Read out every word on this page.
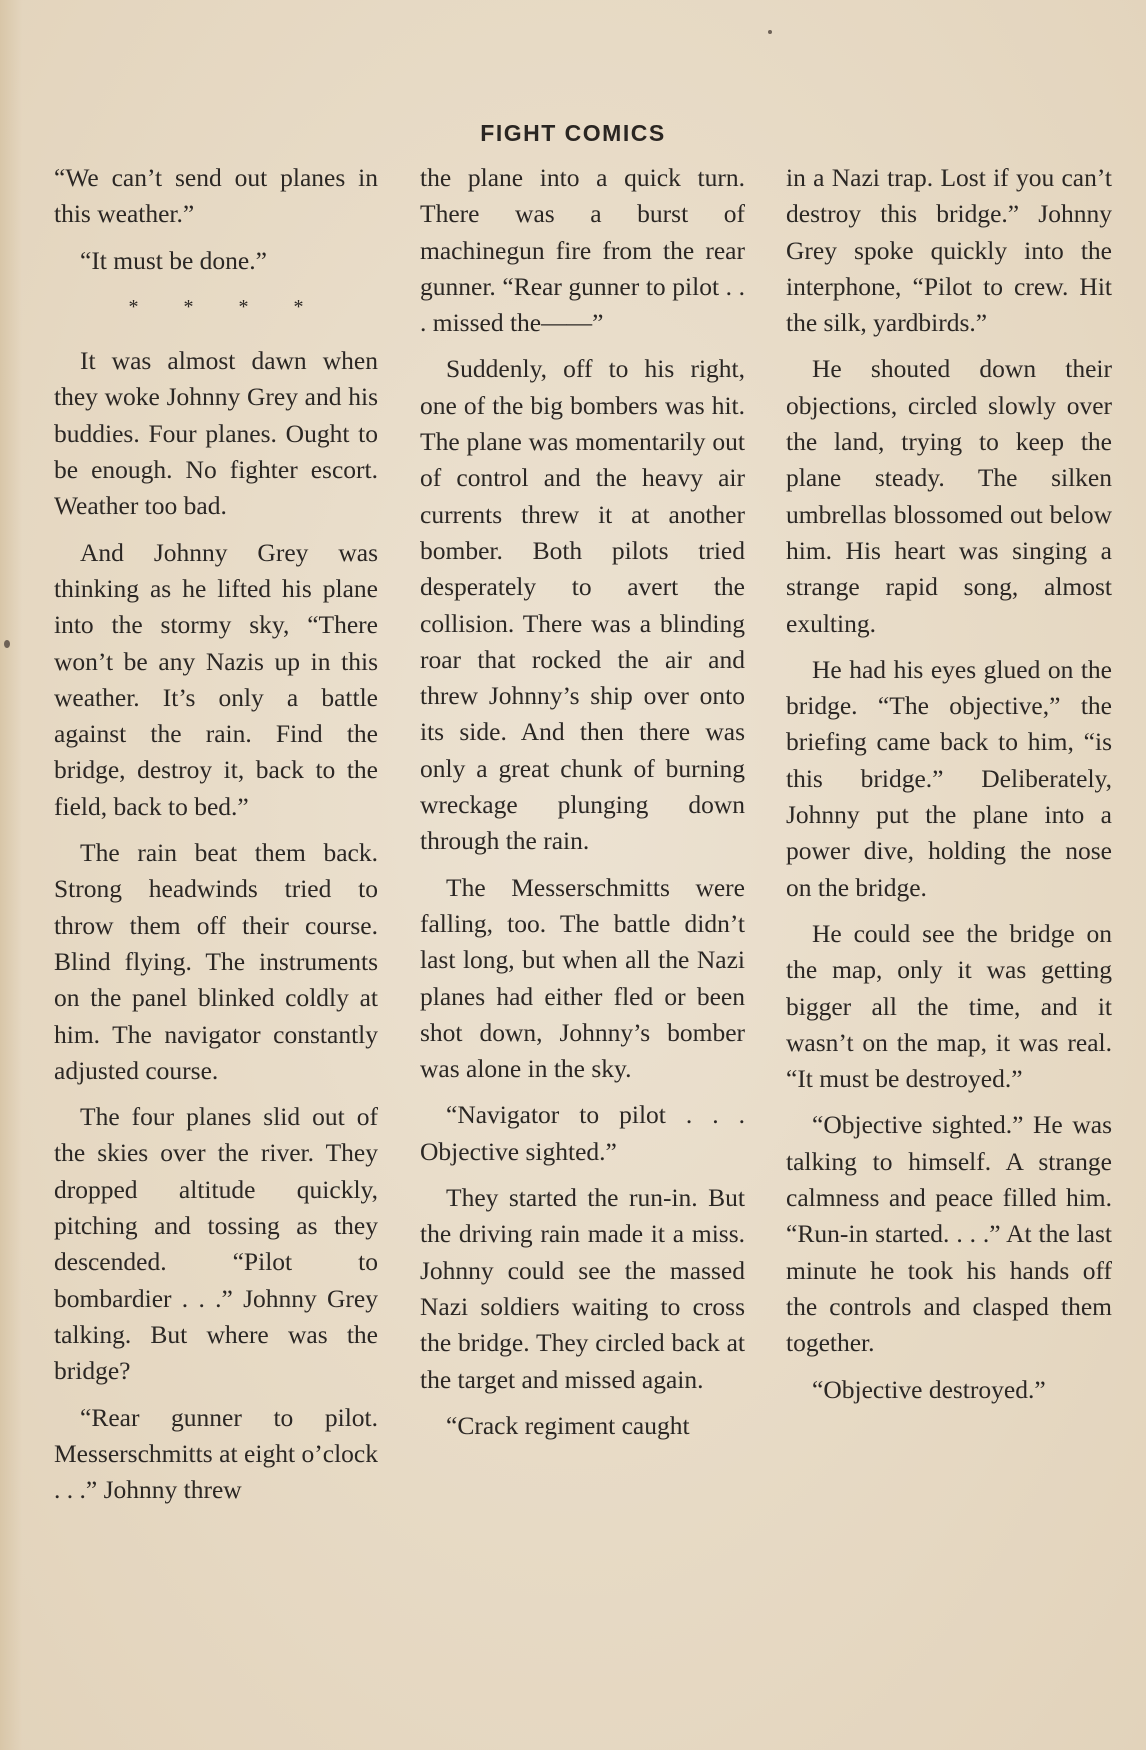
FIGHT COMICS

“We can’t send out planes in this weather.”

“It must be done.”

* * * *

It was almost dawn when they woke Johnny Grey and his buddies. Four planes. Ought to be enough. No fighter escort. Weather too bad.

And Johnny Grey was thinking as he lifted his plane into the stormy sky, “There won’t be any Nazis up in this weather. It’s only a battle against the rain. Find the bridge, destroy it, back to the field, back to bed.”

The rain beat them back. Strong headwinds tried to throw them off their course. Blind flying. The instruments on the panel blinked coldly at him. The navigator constantly adjusted course.

The four planes slid out of the skies over the river. They dropped altitude quickly, pitching and tossing as they descended. “Pilot to bombardier . . .” Johnny Grey talking. But where was the bridge?

“Rear gunner to pilot. Messerschmitts at eight o’clock . . .” Johnny threw

the plane into a quick turn. There was a burst of machinegun fire from the rear gunner. “Rear gunner to pilot . . . missed the——”

Suddenly, off to his right, one of the big bombers was hit. The plane was momentarily out of control and the heavy air currents threw it at another bomber. Both pilots tried desperately to avert the collision. There was a blinding roar that rocked the air and threw Johnny’s ship over onto its side. And then there was only a great chunk of burning wreckage plunging down through the rain.

The Messerschmitts were falling, too. The battle didn’t last long, but when all the Nazi planes had either fled or been shot down, Johnny’s bomber was alone in the sky.

“Navigator to pilot . . . Objective sighted.”

They started the run-in. But the driving rain made it a miss. Johnny could see the massed Nazi soldiers waiting to cross the bridge. They circled back at the target and missed again.

“Crack regiment caught

in a Nazi trap. Lost if you can’t destroy this bridge.” Johnny Grey spoke quickly into the interphone, “Pilot to crew. Hit the silk, yardbirds.”

He shouted down their objections, circled slowly over the land, trying to keep the plane steady. The silken umbrellas blossomed out below him. His heart was singing a strange rapid song, almost exulting.

He had his eyes glued on the bridge. “The objective,” the briefing came back to him, “is this bridge.” Deliberately, Johnny put the plane into a power dive, holding the nose on the bridge.

He could see the bridge on the map, only it was getting bigger all the time, and it wasn’t on the map, it was real. “It must be destroyed.”

“Objective sighted.” He was talking to himself. A strange calmness and peace filled him. “Run-in started. . . .” At the last minute he took his hands off the controls and clasped them together.

“Objective destroyed.”
